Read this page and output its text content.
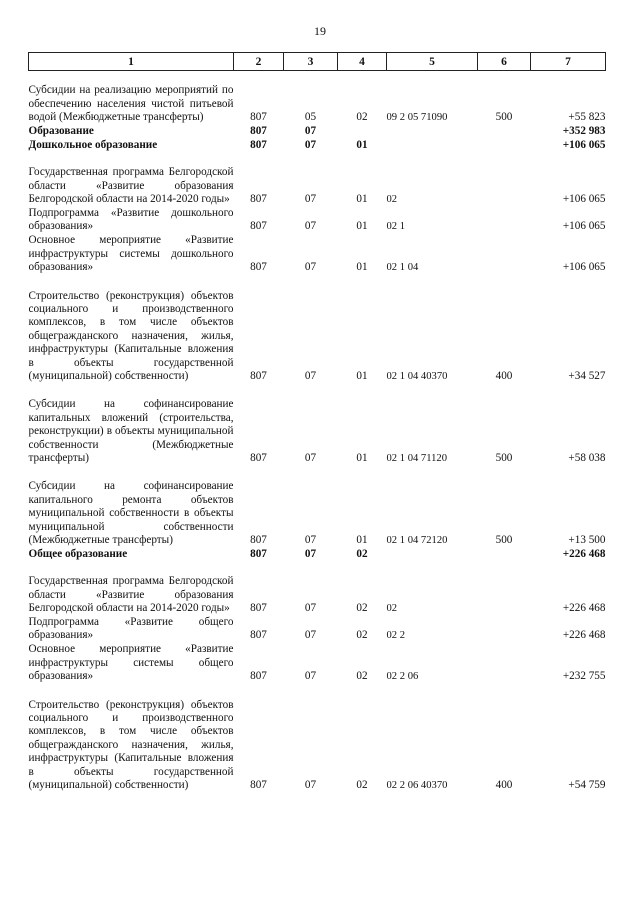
19
1	2	3	4	5	6	7
Субсидии на реализацию мероприятий по обеспечению населения чистой питьевой водой (Межбюджетные трансферты)	807	05	02	09 2 05 71090	500	+55 823
Образование	807	07				+352 983
Дошкольное образование	807	07	01			+106 065
Государственная программа Белгородской области «Развитие образования Белгородской области на 2014-2020 годы»	807	07	01	02		+106 065
Подпрограмма «Развитие дошкольного образования»	807	07	01	02 1		+106 065
Основное мероприятие «Развитие инфраструктуры системы дошкольного образования»	807	07	01	02 1 04		+106 065
Строительство (реконструкция) объектов социального и производственного комплексов, в том числе объектов общегражданского назначения, жилья, инфраструктуры (Капитальные вложения в объекты государственной (муниципальной) собственности)	807	07	01	02 1 04 40370	400	+34 527
Субсидии на софинансирование капитальных вложений (строительства, реконструкции) в объекты муниципальной собственности (Межбюджетные трансферты)	807	07	01	02 1 04 71120	500	+58 038
Субсидии на софинансирование капитального ремонта объектов муниципальной собственности в объекты муниципальной собственности (Межбюджетные трансферты)	807	07	01	02 1 04 72120	500	+13 500
Общее образование	807	07	02			+226 468
Государственная программа Белгородской области «Развитие образования Белгородской области на 2014-2020 годы»	807	07	02	02		+226 468
Подпрограмма «Развитие общего образования»	807	07	02	02 2		+226 468
Основное мероприятие «Развитие инфраструктуры системы общего образования»	807	07	02	02 2 06		+232 755
Строительство (реконструкция) объектов социального и производственного комплексов, в том числе объектов общегражданского назначения, жилья, инфраструктуры (Капитальные вложения в объекты государственной (муниципальной) собственности)	807	07	02	02 2 06 40370	400	+54 759
